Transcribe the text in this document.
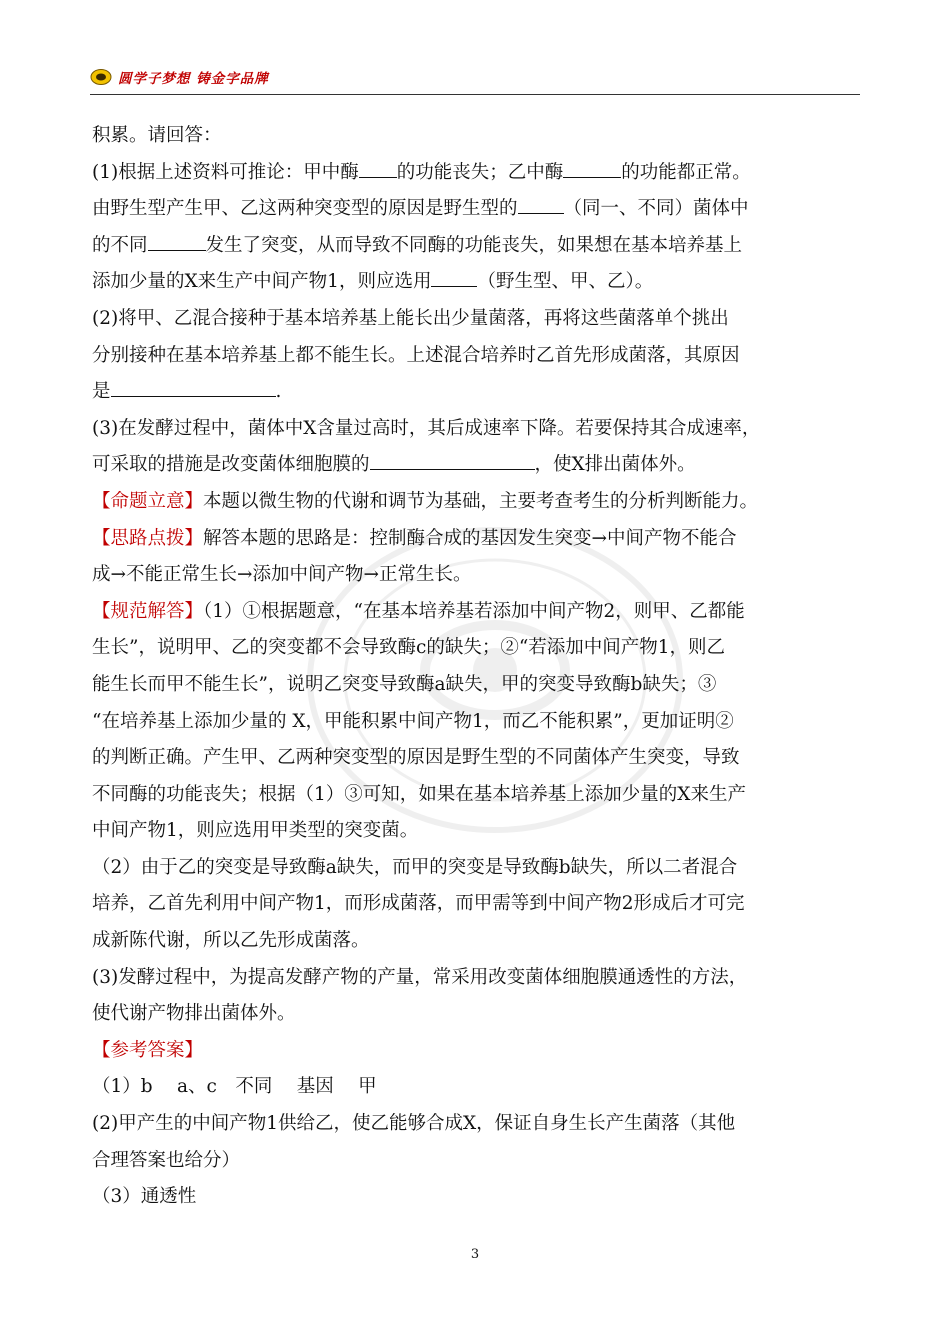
圆学子梦想 铸金字品牌

积累。请回答：

(1)根据上述资料可推论：甲中酶 的功能丧失；乙中酶	的功能都正常。

由野生型产生甲、乙这两种突变型的原因是野生型的 （同一、不同）菌体中

的不同	发生了突变，从而导致不同酶的功能丧失，如果想在基本培养基上

添加少量的X来生产中间产物1，则应选用 （野生型、甲、乙）。

(2)将甲、乙混合接种于基本培养基上能长出少量菌落，再将这些菌落单个挑出

分别接种在基本培养基上都不能生长。上述混合培养时乙首先形成菌落，其原因

是	.

(3)在发酵过程中，菌体中X含量过高时，其后成速率下降。若要保持其合成速率，

可采取的措施是改变菌体细胞膜的	，使X排出菌体外。

【命题立意】本题以微生物的代谢和调节为基础，主要考查考生的分析判断能力。

【思路点拨】解答本题的思路是：控制酶合成的基因发生突变→中间产物不能合

成→不能正常生长→添加中间产物→正常生长。

【规范解答】（1）①根据题意，“在基本培养基若添加中间产物2，则甲、乙都能

生长”，说明甲、乙的突变都不会导致酶c的缺失；②“若添加中间产物1，则乙

能生长而甲不能生长”，说明乙突变导致酶a缺失，甲的突变导致酶b缺失；③

“在培养基上添加少量的 X，甲能积累中间产物1，而乙不能积累”，更加证明②

的判断正确。产生甲、乙两种突变型的原因是野生型的不同菌体产生突变，导致

不同酶的功能丧失；根据（1）③可知，如果在基本培养基上添加少量的X来生产

中间产物1，则应选用甲类型的突变菌。

（2）由于乙的突变是导致酶a缺失，而甲的突变是导致酶b缺失，所以二者混合

培养，乙首先利用中间产物1，而形成菌落，而甲需等到中间产物2形成后才可完

成新陈代谢，所以乙先形成菌落。

(3)发酵过程中，为提高发酵产物的产量，常采用改变菌体细胞膜通透性的方法，

使代谢产物排出菌体外。

【参考答案】

（1）b　 a、c　不同　 基因　 甲

(2)甲产生的中间产物1供给乙，使乙能够合成X，保证自身生长产生菌落（其他

合理答案也给分）

（3）通透性

3
